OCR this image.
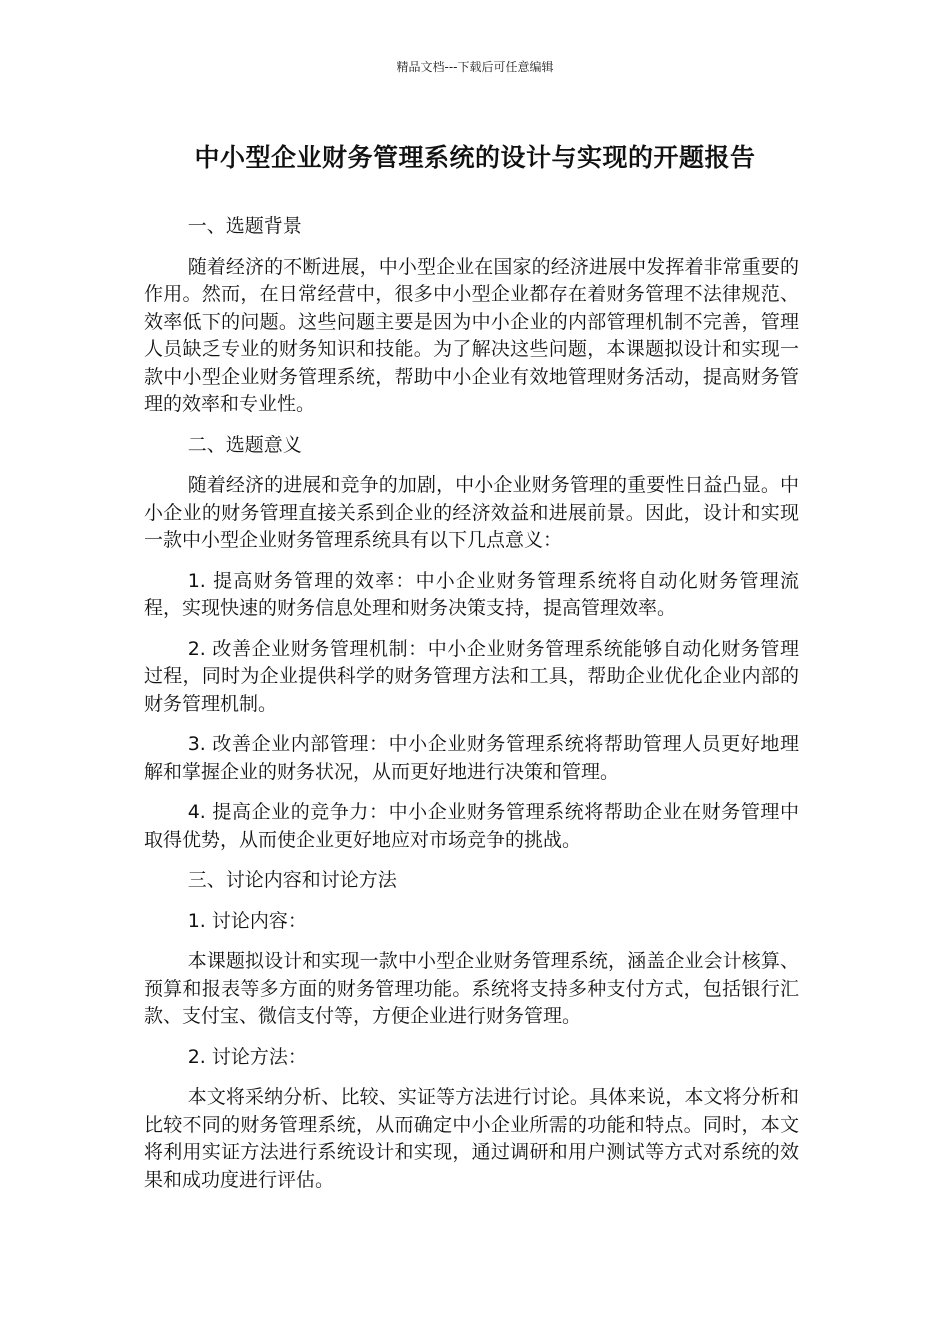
精品文档---下载后可任意编辑
中小型企业财务管理系统的设计与实现的开题报告

一、选题背景

随着经济的不断进展，中小型企业在国家的经济进展中发挥着非常重要的作用。然而，在日常经营中，很多中小型企业都存在着财务管理不法律规范、效率低下的问题。这些问题主要是因为中小企业的内部管理机制不完善，管理人员缺乏专业的财务知识和技能。为了解决这些问题，本课题拟设计和实现一款中小型企业财务管理系统，帮助中小企业有效地管理财务活动，提高财务管理的效率和专业性。

二、选题意义

随着经济的进展和竞争的加剧，中小企业财务管理的重要性日益凸显。中小企业的财务管理直接关系到企业的经济效益和进展前景。因此，设计和实现一款中小型企业财务管理系统具有以下几点意义：

1. 提高财务管理的效率：中小企业财务管理系统将自动化财务管理流程，实现快速的财务信息处理和财务决策支持，提高管理效率。

2. 改善企业财务管理机制：中小企业财务管理系统能够自动化财务管理过程，同时为企业提供科学的财务管理方法和工具，帮助企业优化企业内部的财务管理机制。

3. 改善企业内部管理：中小企业财务管理系统将帮助管理人员更好地理解和掌握企业的财务状况，从而更好地进行决策和管理。

4. 提高企业的竞争力：中小企业财务管理系统将帮助企业在财务管理中取得优势，从而使企业更好地应对市场竞争的挑战。

三、讨论内容和讨论方法

1. 讨论内容：

本课题拟设计和实现一款中小型企业财务管理系统，涵盖企业会计核算、预算和报表等多方面的财务管理功能。系统将支持多种支付方式，包括银行汇款、支付宝、微信支付等，方便企业进行财务管理。

2. 讨论方法：

本文将采纳分析、比较、实证等方法进行讨论。具体来说，本文将分析和比较不同的财务管理系统，从而确定中小企业所需的功能和特点。同时，本文将利用实证方法进行系统设计和实现，通过调研和用户测试等方式对系统的效果和成功度进行评估。
